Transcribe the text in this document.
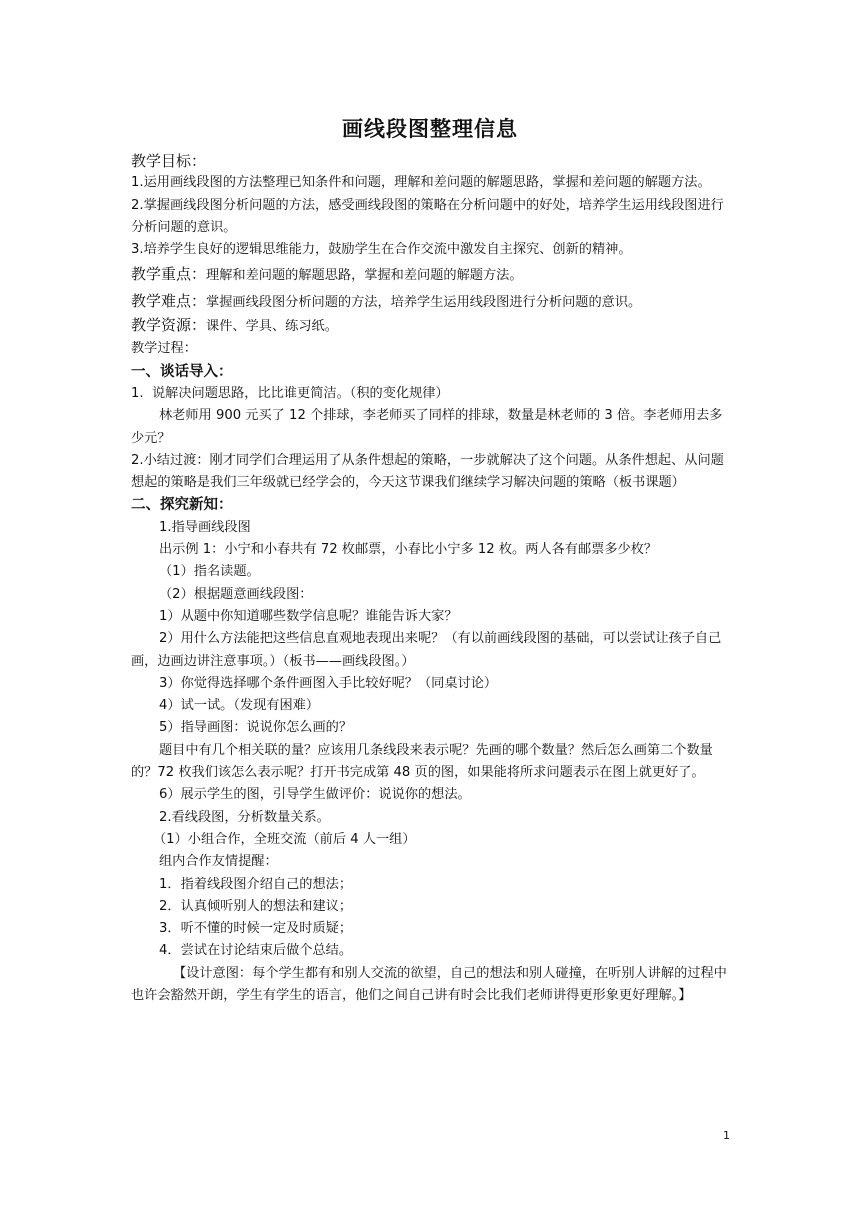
画线段图整理信息

教学目标：

1.运用画线段图的方法整理已知条件和问题，理解和差问题的解题思路，掌握和差问题的解题方法。

2.掌握画线段图分析问题的方法，感受画线段图的策略在分析问题中的好处，培养学生运用线段图进行分析问题的意识。

3.培养学生良好的逻辑思维能力，鼓励学生在合作交流中激发自主探究、创新的精神。

教学重点：理解和差问题的解题思路，掌握和差问题的解题方法。

教学难点：掌握画线段图分析问题的方法，培养学生运用线段图进行分析问题的意识。

教学资源：课件、学具、练习纸。

教学过程：

一、谈话导入：

1.  说解决问题思路，比比谁更简洁。（积的变化规律）

林老师用 900 元买了 12 个排球，李老师买了同样的排球，数量是林老师的 3 倍。李老师用去多少元？

2.小结过渡：刚才同学们合理运用了从条件想起的策略，一步就解决了这个问题。从条件想起、从问题想起的策略是我们三年级就已经学会的，今天这节课我们继续学习解决问题的策略（板书课题）

二、探究新知：

1.指导画线段图

出示例 1：小宁和小春共有 72 枚邮票，小春比小宁多 12 枚。两人各有邮票多少枚？

（1）指名读题。

（2）根据题意画线段图：

1）从题中你知道哪些数学信息呢？谁能告诉大家？

2）用什么方法能把这些信息直观地表现出来呢？（有以前画线段图的基础，可以尝试让孩子自己画，边画边讲注意事项。）（板书——画线段图。）

3）你觉得选择哪个条件画图入手比较好呢？（同桌讨论）

4）试一试。（发现有困难）

5）指导画图：说说你怎么画的？

题目中有几个相关联的量？应该用几条线段来表示呢？先画的哪个数量？然后怎么画第二个数量的？72 枚我们该怎么表示呢？打开书完成第 48 页的图，如果能将所求问题表示在图上就更好了。

6）展示学生的图，引导学生做评价：说说你的想法。

2.看线段图，分析数量关系。

（1）小组合作，全班交流（前后 4 人一组）

组内合作友情提醒：

1．指着线段图介绍自己的想法；

2．认真倾听别人的想法和建议；

3．听不懂的时候一定及时质疑；

4．尝试在讨论结束后做个总结。

【设计意图：每个学生都有和别人交流的欲望，自己的想法和别人碰撞，在听别人讲解的过程中也许会豁然开朗，学生有学生的语言，他们之间自己讲有时会比我们老师讲得更形象更好理解。】

1
